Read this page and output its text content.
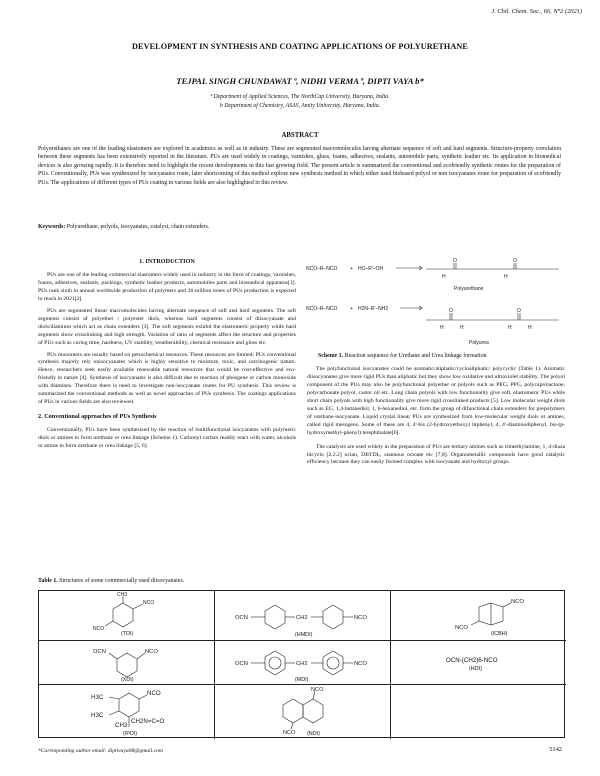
J. Chil. Chem. Soc., 66, N°2 (2021)
DEVELOPMENT IN SYNTHESIS AND COATING APPLICATIONS OF POLYURETHANE
TEJPAL SINGH CHUNDAWAT ª, NIDHI VERMA ª, DIPTI VAYA b*
ª Department of Applied Sciences, The NorthCap University, Haryana, India.
b Department of Chemistry, ASAS, Amity University, Haryana, India.
ABSTRACT
Polyurethanes are one of the leading elastomers are explored in academics as well as in industry. These are segmented macromolecules having alternate sequence of soft and hard segments. Structure-property correlation between these segments has been extensively reported in the literature. PUs are used widely in coatings, varnishes, glues, foams, adhesives, sealants, automobile parts, synthetic leather etc. Its application in biomedical devices is also growing rapidly. It is therefore need to highlight the recent developments in this fast growing field. The present article is summarized the conventional and ecofriendly synthetic routes for the preparation of PUs. Conventionally, PUs was synthesized by isocyanates route, later shortcoming of this method explore new synthesis method in which either used biobased polyol or non isocyanates route for preparation of ecofriendly PUs. The applications of different types of PUs coating in various fields are also highlighted in this review.
Keywords: Polyurethane, polyols, isocyanates, catalyst, chain extenders.
1. INTRODUCTION

PUs are one of the leading commercial elastomers widely used in industry in the form of coatings, varnishes, foams, adhesives, sealants, packings, synthetic leather products, automobiles parts and biomedical apparatus[1]. PUs rank sixth in annual worldwide production of polymers and 26 million tones of PUs production is expected to reach in 2021[2].

PUs are segmented linear macromolecules having alternate sequence of soft and hard segments. The soft segments consist of polyether / polyester diols, whereas hard segments consist of diisocyanate and diols/diamines which act as chain extenders [3]. The soft segments exhibit the elastomeric property while hard segments show crosslinking and high strength. Variation of ratio of segments affect the structure and properties of PUs such as curing time, hardness, UV stability, weatherability, chemical resistance and gloss etc.

PUs monomers are usually based on petrochemical resources. These resources are limited; PUs conventional synthesis majorly rely onisocyanates which is highly sensitive to moisture, toxic, and carcinogenic nature. Hence, researchers seek easily available renewable natural resources that would be cost-effective and eco-friendly in nature [4]. Synthesis of isocyanates is also difficult due to reaction of phosgene or carbon monoxide with diamines. Therefore there is need to investigate non-isocyanate routes for PU synthesis. This review is summarized the conventional methods as well as novel approaches of PUs synthesis. The coatings applications of PUs in various fields are also reviewed.

2. Conventional approaches of PUs Synthesis

Conventionally, PUs have been synthesized by the reaction of multifunctional isocyanates with polymeric diols or amines to form urethane or urea linkage (Scheme 1). Carbonyl carbon readily react with water, alcohols or amine to form urethane or urea linkage [5, 6].

NCO–R–NCO	+ HO–R'–OH
O	O
H	H
Polyurethane
NCO–R–NCO	+ H2N–R'–NH2	O	O
H	H	H	H
Polyurea
Scheme 1. Reaction sequence for Urethane and Urea linkage formation

The polyfunctional isocyanates could be aromatic/aliphatic/cycloaliphatic/ polycyclic (Table 1). Aromatic diisocyanates give more rigid PUs than aliphatic but they show low oxidative and ultraviolet stability. The polyol component of the PUs may also be polyfunctional polyether or polyols such as PEG, PPG, polycaprolactone, polycarbonate polyol, castor oil etc. Long chain polyols with low functionality give soft, elastomeric PUs while short chain polyols with high functionality give more rigid crosslinked products [5]. Low molecular weight diols such as EG, 1,4-butanediol, 1, 6-hexanediol, etc. form the group of difunctional chain extenders for prepolymers of urethane-isocyanate. Liquid crystal linear PUs are synthesized from low-molecular weight diols or amines, called rigid mesogens. Some of these are 4, 4'-bis (2-hydroxyethoxy) biphenyl, 4, 4'-diaminodiphenyl, bis-(p-hydroxymethyl-phenyl) terephthalate[6].

The catalysts are used widely in the preparation of PUs are tertiary amines such as trimethylamine, 1, 4-diaza bicyclo [2.2.2] octan, DBTDL, stannous octoate etc [7,8]. Organometallic compounds have good catalytic efficiency because they can easily formed complex with isocyanate and hydroxyl groups.

Table 1. Structures of some commercially used diisocyanates.
CH3
NCO
NCO
(TDI)
OCN	CH2	NCO
(HMDI)
NCO
NCO
(ICBH)
OCN	NCO
(XDI)
OCN	CH2	NCO
(MDI)
OCN-(CH2)6-NCO
(HDI)
NCO
H3C
H3C
CH3
CH2N=C=O
(IPDI)
NCO
NCO (NDI)
*Corresponding author email: diptivaya08@gmail.com	5142
